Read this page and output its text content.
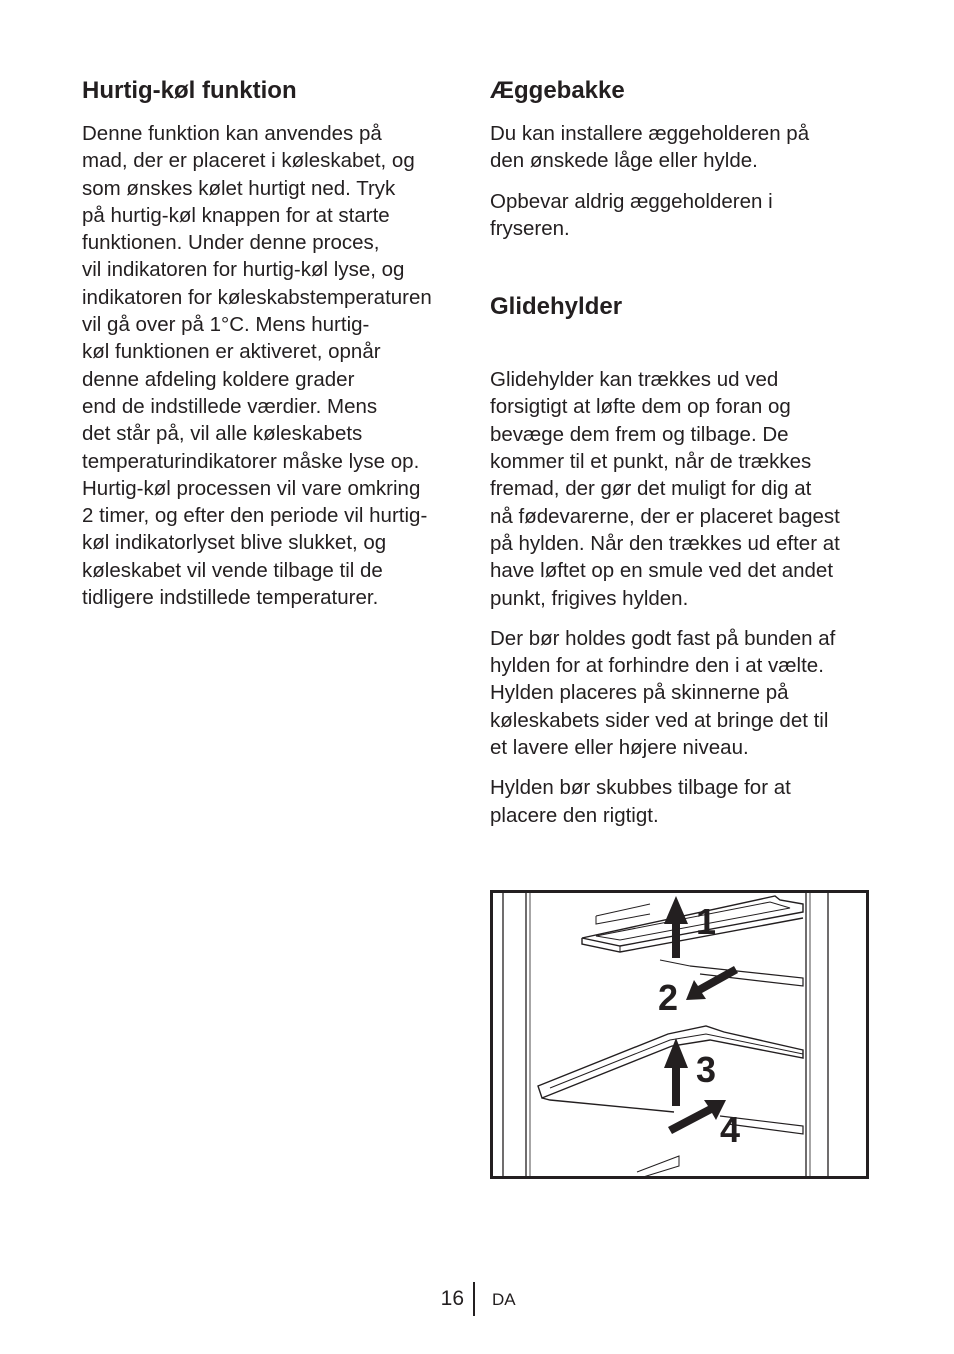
Hurtig-køl funktion

Denne funktion kan anvendes på
mad, der er placeret i køleskabet, og
som ønskes kølet hurtigt ned. Tryk
på hurtig-køl knappen for at starte
funktionen. Under denne proces,
vil indikatoren for hurtig-køl lyse, og
indikatoren for køleskabstemperaturen
vil gå over på 1°C. Mens hurtig-
køl funktionen er aktiveret, opnår
denne afdeling koldere grader
end de indstillede værdier. Mens
det står på, vil alle køleskabets
temperaturindikatorer måske lyse op.
Hurtig-køl processen vil vare omkring
2 timer, og efter den periode vil hurtig-
køl indikatorlyset blive slukket, og
køleskabet vil vende tilbage til de
tidligere indstillede temperaturer.

Æggebakke

Du kan installere æggeholderen på
den ønskede låge eller hylde.

Opbevar aldrig æggeholderen i
fryseren.

Glidehylder

Glidehylder kan trækkes ud ved
forsigtigt at løfte dem op foran og
bevæge dem frem og tilbage. De
kommer til et punkt, når de trækkes
fremad, der gør det muligt for dig at
nå fødevarerne, der er placeret bagest
på hylden. Når den trækkes ud efter at
have løftet op en smule ved det andet
punkt, frigives hylden.

Der bør holdes godt fast på bunden af
hylden for at forhindre den i at vælte.
Hylden placeres på skinnerne på
køleskabets sider ved at bringe det til
et lavere eller højere niveau.

Hylden bør skubbes tilbage for at
placere den rigtigt.

1
2
3
4
16 DA
